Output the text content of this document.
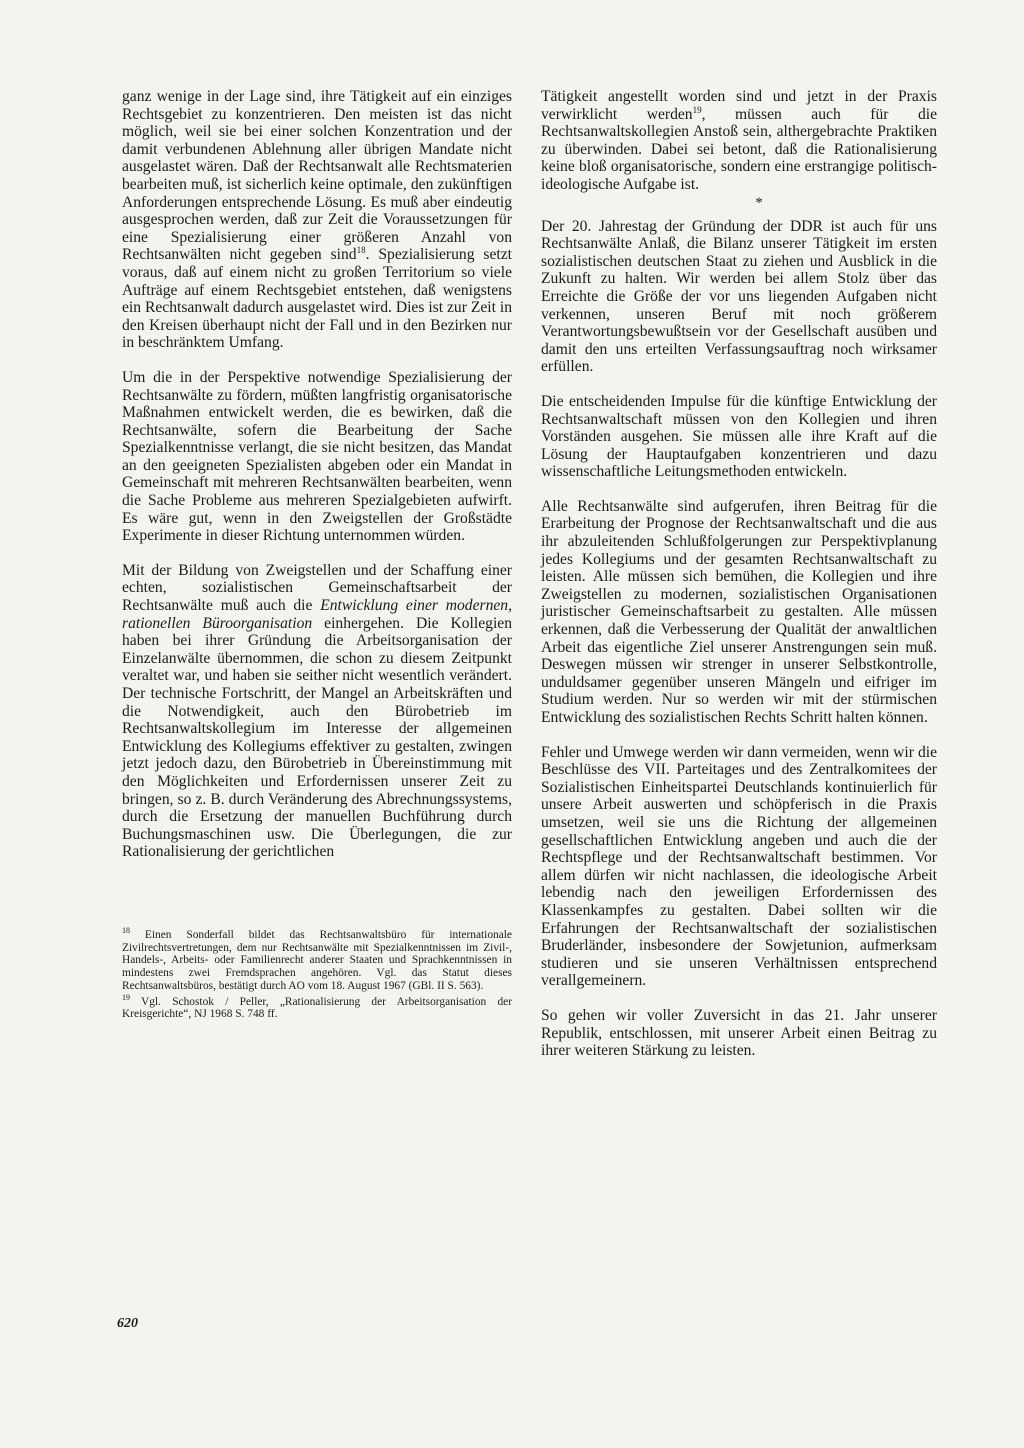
ganz wenige in der Lage sind, ihre Tätigkeit auf ein einziges Rechtsgebiet zu konzentrieren. Den meisten ist das nicht möglich, weil sie bei einer solchen Konzentration und der damit verbundenen Ablehnung aller übrigen Mandate nicht ausgelastet wären. Daß der Rechtsanwalt alle Rechtsmaterien bearbeiten muß, ist sicherlich keine optimale, den zukünftigen Anforderungen entsprechende Lösung. Es muß aber eindeutig ausgesprochen werden, daß zur Zeit die Voraussetzungen für eine Spezialisierung einer größeren Anzahl von Rechtsanwälten nicht gegeben sind$^{18}$. Spezialisierung setzt voraus, daß auf einem nicht zu großen Territorium so viele Aufträge auf einem Rechtsgebiet entstehen, daß wenigstens ein Rechtsanwalt dadurch ausgelastet wird. Dies ist zur Zeit in den Kreisen überhaupt nicht der Fall und in den Bezirken nur in beschränktem Umfang.

Um die in der Perspektive notwendige Spezialisierung der Rechtsanwälte zu fördern, müßten langfristig organisatorische Maßnahmen entwickelt werden, die es bewirken, daß die Rechtsanwälte, sofern die Bearbeitung der Sache Spezialkenntnisse verlangt, die sie nicht besitzen, das Mandat an den geeigneten Spezialisten abgeben oder ein Mandat in Gemeinschaft mit mehreren Rechtsanwälten bearbeiten, wenn die Sache Probleme aus mehreren Spezialgebieten aufwirft. Es wäre gut, wenn in den Zweigstellen der Großstädte Experimente in dieser Richtung unternommen würden.

Mit der Bildung von Zweigstellen und der Schaffung einer echten, sozialistischen Gemeinschaftsarbeit der Rechtsanwälte muß auch die Entwicklung einer modernen, rationellen Büroorganisation einhergehen. Die Kollegien haben bei ihrer Gründung die Arbeitsorganisation der Einzelanwälte übernommen, die schon zu diesem Zeitpunkt veraltet war, und haben sie seither nicht wesentlich verändert. Der technische Fortschritt, der Mangel an Arbeitskräften und die Notwendigkeit, auch den Bürobetrieb im Rechtsanwaltskollegium im Interesse der allgemeinen Entwicklung des Kollegiums effektiver zu gestalten, zwingen jetzt jedoch dazu, den Bürobetrieb in Übereinstimmung mit den Möglichkeiten und Erfordernissen unserer Zeit zu bringen, so z. B. durch Veränderung des Abrechnungssystems, durch die Ersetzung der manuellen Buchführung durch Buchungsmaschinen usw. Die Überlegungen, die zur Rationalisierung der gerichtlichen

$^{18}$ Einen Sonderfall bildet das Rechtsanwaltsbüro für internationale Zivilrechtsvertretungen, dem nur Rechtsanwälte mit Spezialkenntnissen im Zivil-, Handels-, Arbeits- oder Familienrecht anderer Staaten und Sprachkenntnissen in mindestens zwei Fremdsprachen angehören. Vgl. das Statut dieses Rechtsanwaltsbüros, bestätigt durch AO vom 18. August 1967 (GBl. II S. 563).

$^{19}$ Vgl. Schostok / Peller, „Rationalisierung der Arbeitsorganisation der Kreisgerichte“, NJ 1968 S. 748 ff.

Tätigkeit angestellt worden sind und jetzt in der Praxis verwirklicht werden$^{19}$, müssen auch für die Rechtsanwaltskollegien Anstoß sein, althergebrachte Praktiken zu überwinden. Dabei sei betont, daß die Rationalisierung keine bloß organisatorische, sondern eine erstrangige politisch-ideologische Aufgabe ist.

*

Der 20. Jahrestag der Gründung der DDR ist auch für uns Rechtsanwälte Anlaß, die Bilanz unserer Tätigkeit im ersten sozialistischen deutschen Staat zu ziehen und Ausblick in die Zukunft zu halten. Wir werden bei allem Stolz über das Erreichte die Größe der vor uns liegenden Aufgaben nicht verkennen, unseren Beruf mit noch größerem Verantwortungsbewußtsein vor der Gesellschaft ausüben und damit den uns erteilten Verfassungsauftrag noch wirksamer erfüllen.

Die entscheidenden Impulse für die künftige Entwicklung der Rechtsanwaltschaft müssen von den Kollegien und ihren Vorständen ausgehen. Sie müssen alle ihre Kraft auf die Lösung der Hauptaufgaben konzentrieren und dazu wissenschaftliche Leitungsmethoden entwickeln.

Alle Rechtsanwälte sind aufgerufen, ihren Beitrag für die Erarbeitung der Prognose der Rechtsanwaltschaft und die aus ihr abzuleitenden Schlußfolgerungen zur Perspektivplanung jedes Kollegiums und der gesamten Rechtsanwaltschaft zu leisten. Alle müssen sich bemühen, die Kollegien und ihre Zweigstellen zu modernen, sozialistischen Organisationen juristischer Gemeinschaftsarbeit zu gestalten. Alle müssen erkennen, daß die Verbesserung der Qualität der anwaltlichen Arbeit das eigentliche Ziel unserer Anstrengungen sein muß. Deswegen müssen wir strenger in unserer Selbstkontrolle, unduldsamer gegenüber unseren Mängeln und eifriger im Studium werden. Nur so werden wir mit der stürmischen Entwicklung des sozialistischen Rechts Schritt halten können.

Fehler und Umwege werden wir dann vermeiden, wenn wir die Beschlüsse des VII. Parteitages und des Zentralkomitees der Sozialistischen Einheitspartei Deutschlands kontinuierlich für unsere Arbeit auswerten und schöpferisch in die Praxis umsetzen, weil sie uns die Richtung der allgemeinen gesellschaftlichen Entwicklung angeben und auch die der Rechtspflege und der Rechtsanwaltschaft bestimmen. Vor allem dürfen wir nicht nachlassen, die ideologische Arbeit lebendig nach den jeweiligen Erfordernissen des Klassenkampfes zu gestalten. Dabei sollten wir die Erfahrungen der Rechtsanwaltschaft der sozialistischen Bruderländer, insbesondere der Sowjetunion, aufmerksam studieren und sie unseren Verhältnissen entsprechend verallgemeinern.

So gehen wir voller Zuversicht in das 21. Jahr unserer Republik, entschlossen, mit unserer Arbeit einen Beitrag zu ihrer weiteren Stärkung zu leisten.

620
